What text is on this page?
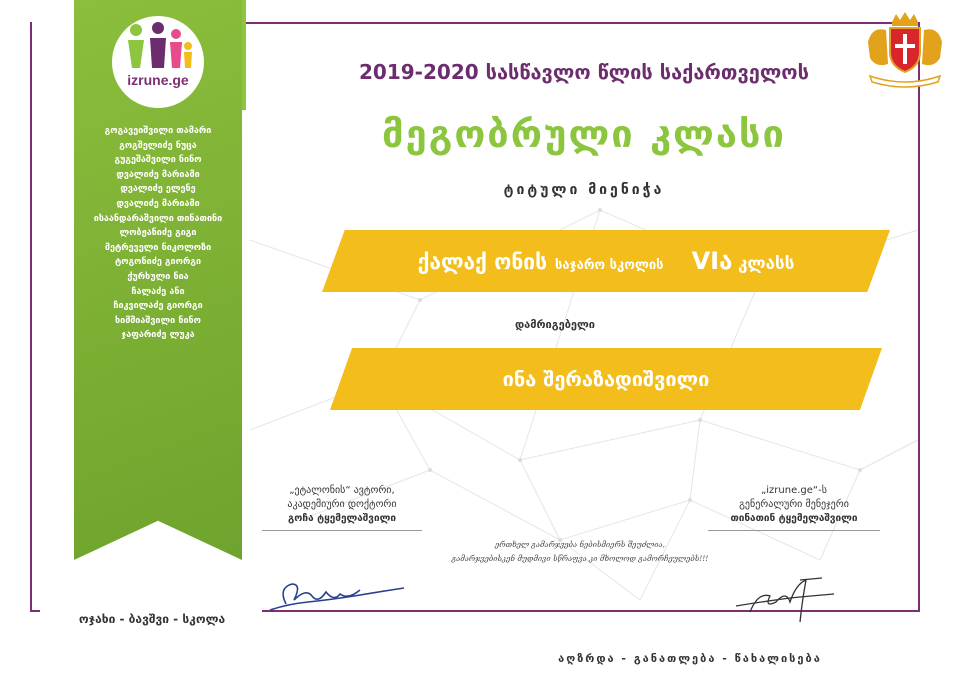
izrune.ge
გოგავეიშვილი თამარი
გოგშელიძე ნუცა
გუგეშაშვილი ნინო
დვალიძე მარიამი
დვალიძე ელენე
დვალიძე მარიამი
ისაანდარაშვილი თინათინი
ლობჟანიძე გიგი
მეტრეველი ნიკოლოზი
ტოგონიძე გიორგი
ქურხული ნია
ჩალაძე ანი
ჩიკვილაძე გიორგი
ხიმშიაშვილი ნინო
ჯაფარიძე ლუკა
2019-2020 სასწავლო წლის საქართველოს
მეგობრული კლასი
ტიტული მიენიჭა
ქალაქ ონის საჯარო სკოლის VIა კლასს
დამრიგებელი
ინა შერაზადიშვილი
„ეტალონის“ ავტორი,
აკადემიური დოქტორი
გოჩა ტყემელაშვილი
„izrune.ge“-ს
გენერალური მენეჯერი
თინათინ ტყემელაშვილი
ერთხელ გამარჯვება ნებისმიერს შეუძლია,
გამარჯვებისკენ მუდმივი სწრაფვა კი მხოლოდ გამორჩეულებს!!!
ოჯახი - ბავშვი - სკოლა
აღზრდა - განათლება - წახალისება
